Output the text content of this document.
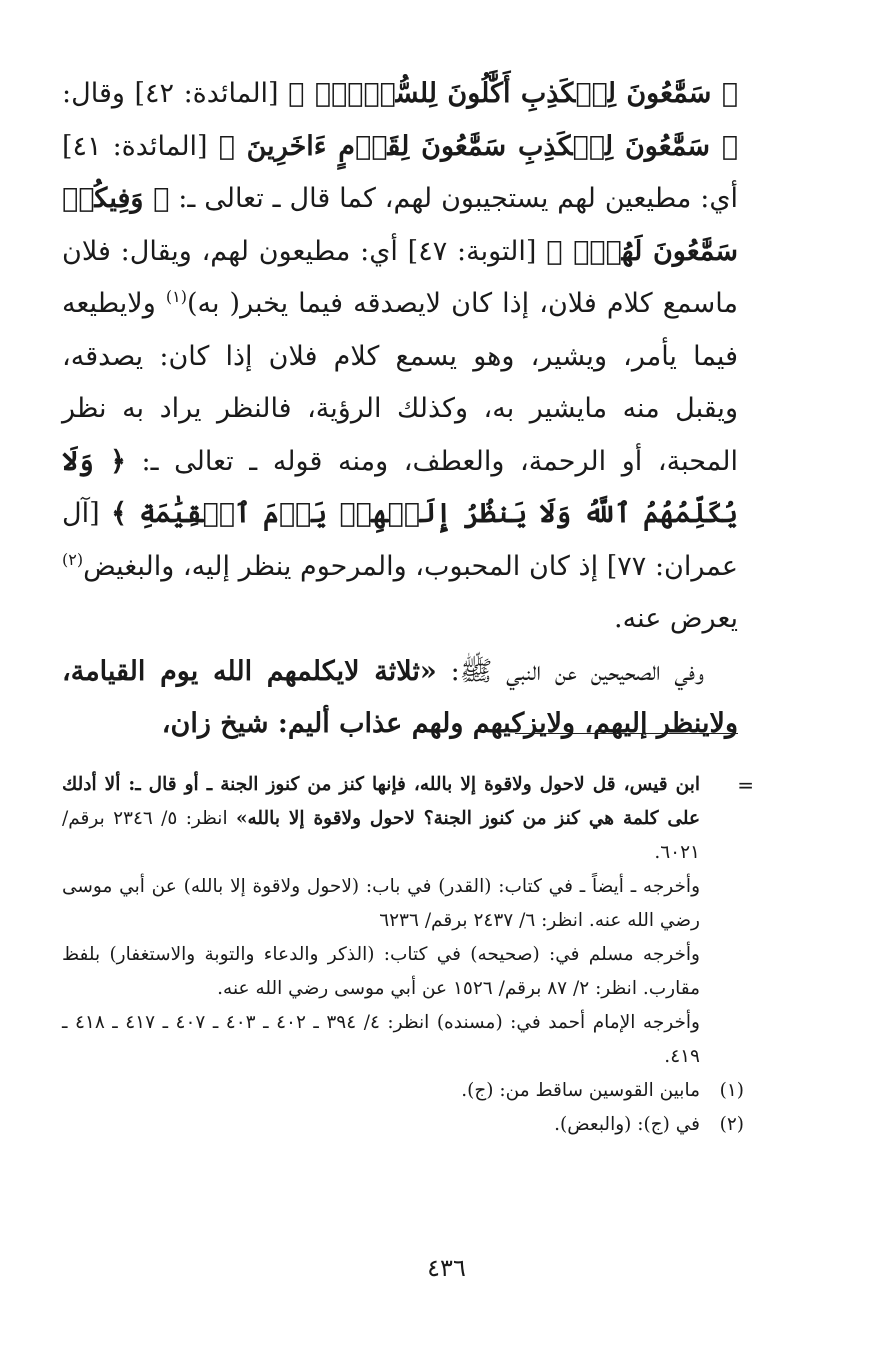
﴿ سَمَّٰعُونَ لِلۡكَذِبِ أَكَّٰلُونَ لِلسُّحۡتِۚ ﴾ [المائدة: ٤٢] وقال: ﴿ سَمَّٰعُونَ لِلۡكَذِبِ سَمَّٰعُونَ لِقَوۡمٍ ءَاخَرِينَ ﴾ [المائدة: ٤١] أي: مطيعين لهم يستجيبون لهم، كما قال ـ تعالى ـ: ﴿ وَفِيكُمۡ سَمَّٰعُونَ لَهُمۡۗ ﴾ [التوبة: ٤٧] أي: مطيعون لهم، ويقال: فلان ماسمع كلام فلان، إذا كان لايصدقه فيما يخبر( به)$^{(١)}$ ولايطيعه فيما يأمر، ويشير، وهو يسمع كلام فلان إذا كان: يصدقه، ويقبل منه مايشير به، وكذلك الرؤية، فالنظر يراد به نظر المحبة، أو الرحمة، والعطف، ومنه قوله ـ تعالى ـ: ﴿ وَلَا يُكَلِّمُهُمُ ٱللَّهُ وَلَا يَنظُرُ إِلَيۡهِمۡ يَوۡمَ ٱلۡقِيَٰمَةِ ﴾ [آل عمران: ٧٧] إذ كان المحبوب، والمرحوم ينظر إليه، والبغيض$^{(٢)}$ يعرض عنه.

وفي الصحيحين عن النبي ﷺ: «ثلاثة لايكلمهم الله يوم القيامة، ولاينظر إليهم، ولايزكيهم ولهم عذاب أليم: شيخ زان،

=
ابن قيس، قل لاحول ولاقوة إلا بالله، فإنها كنز من كنوز الجنة ـ أو قال ـ: ألا أدلك على كلمة هي كنز من كنوز الجنة؟ لاحول ولاقوة إلا بالله» انظر: ٥/ ٢٣٤٦ برقم/ ٦٠٢١.

وأخرجه ـ أيضاً ـ في كتاب: (القدر) في باب: (لاحول ولاقوة إلا بالله) عن أبي موسى رضي الله عنه. انظر: ٦/ ٢٤٣٧ برقم/ ٦٢٣٦

وأخرجه مسلم في: (صحيحه) في كتاب: (الذكر والدعاء والتوبة والاستغفار) بلفظ مقارب. انظر: ٢/ ٨٧ برقم/ ١٥٢٦ عن أبي موسى رضي الله عنه.

وأخرجه الإمام أحمد في: (مسنده) انظر: ٤/ ٣٩٤ ـ ٤٠٢ ـ ٤٠٣ ـ ٤٠٧ ـ ٤١٧ ـ ٤١٨ ـ ٤١٩.

(١)
مابين القوسين ساقط من: (ج).

(٢)
في (ج): (والبعض).

٤٣٦
